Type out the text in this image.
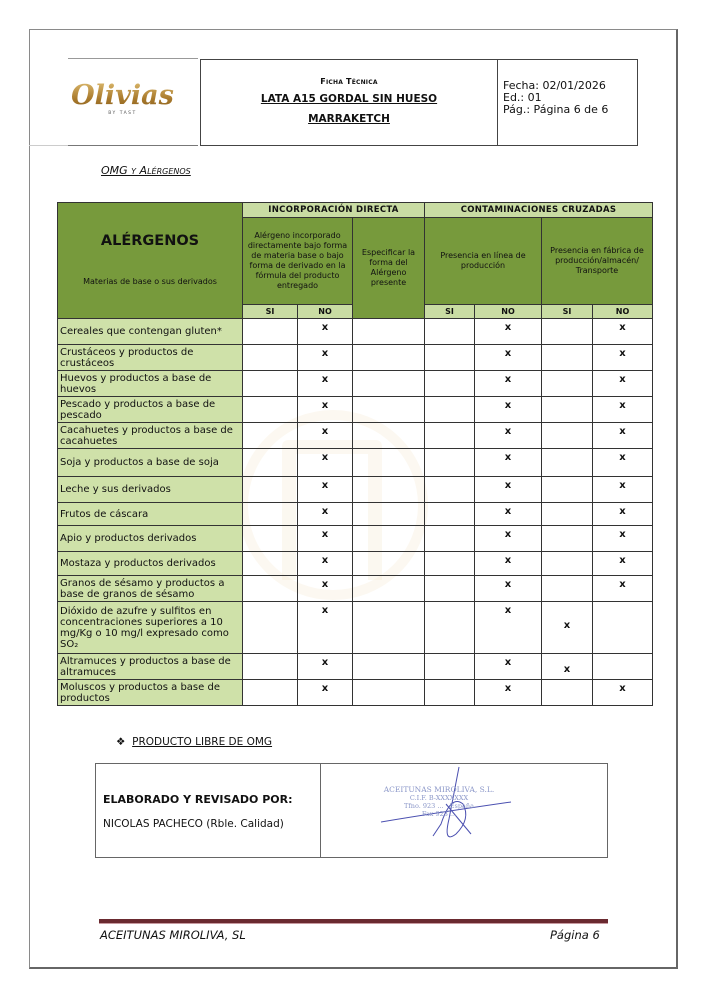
Olivias
BY TAST
Ficha Técnica
LATA A15 GORDAL SIN HUESO
MARRAKETCH
Fecha: 02/01/2026
Ed.: 01
Pág.: Página 6 de 6
OMG y Alérgenos
ALÉRGENOS
Materias de base o sus derivados	INCORPORACIÓN DIRECTA			CONTAMINACIONES CRUZADAS			
	Alérgeno incorporado directamente bajo forma de materia base o bajo forma de derivado en la fórmula del producto entregado		Especificar la forma del Alérgeno presente	Presencia en línea de producción		Presencia en fábrica de producción/almacén/ Transporte	
	SI	NO		SI	NO	SI	NO
Cereales que contengan gluten*		x			x		x
Crustáceos y productos de crustáceos		x			x		x
Huevos y productos a base de huevos		x			x		x
Pescado y productos a base de pescado		x			x		x
Cacahuetes y productos a base de cacahuetes		x			x		x
Soja y productos a base de soja		x			x		x
Leche y sus derivados		x			x		x
Frutos de cáscara		x			x		x
Apio y productos derivados		x			x		x
Mostaza y productos derivados		x			x		x
Granos de sésamo y productos a base de granos de sésamo		x			x		x
Dióxido de azufre y sulfitos en concentraciones superiores a 10 mg/Kg o 10 mg/l expresado como SO₂		x			x	x	
Altramuces y productos a base de altramuces		x			x	x	
Moluscos y productos a base de productos		x			x		x
❖ PRODUCTO LIBRE DE OMG
ELABORADO Y REVISADO POR:
NICOLAS PACHECO (Rble. Calidad)
ACEITUNAS MIROLIVA, S.L.
C.I.F. B-XXXXXXX
Tfno. 923 ... · España
Fax 923 ...
ACEITUNAS MIROLIVA, SL	Página 6
